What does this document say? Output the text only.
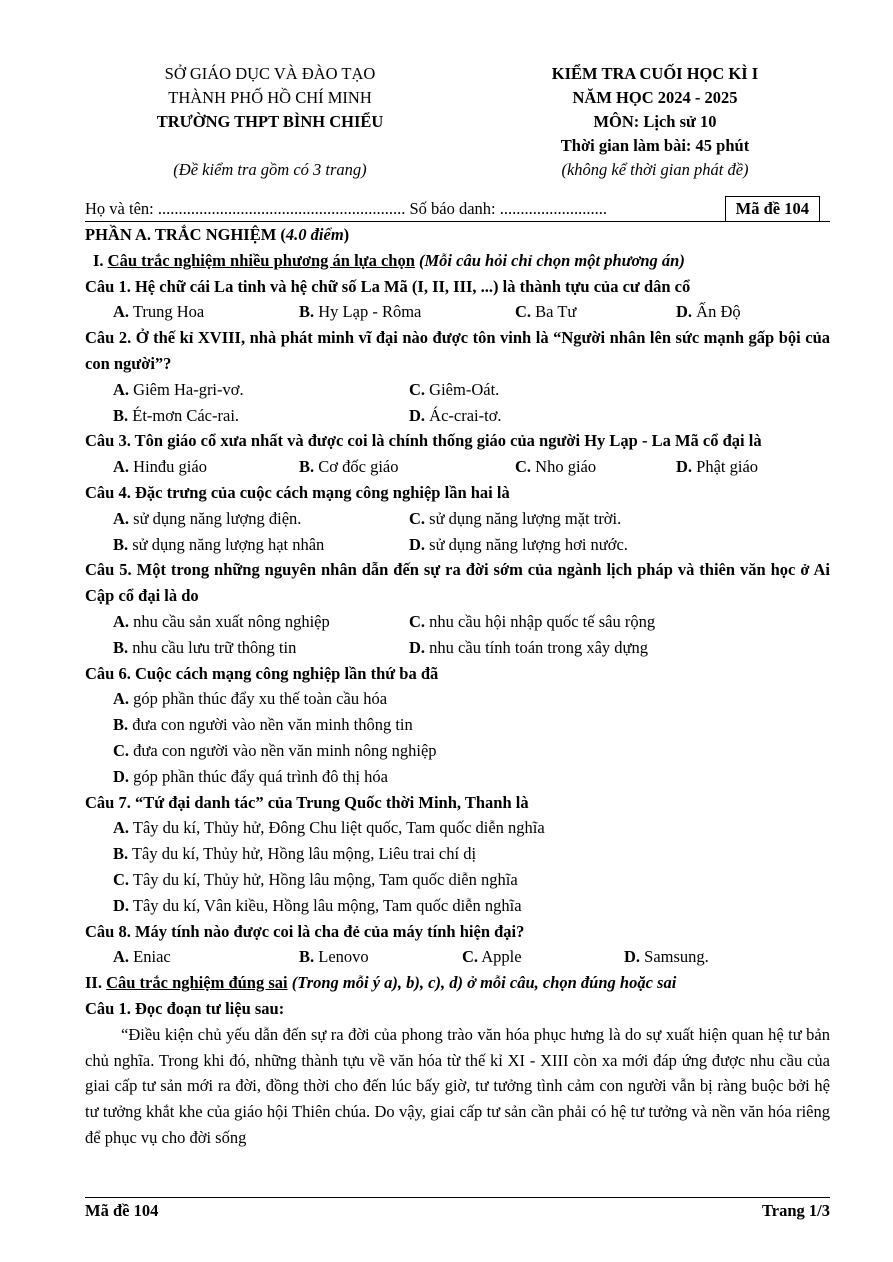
SỞ GIÁO DỤC VÀ ĐÀO TẠO
THÀNH PHỐ HỒ CHÍ MINH
TRƯỜNG THPT BÌNH CHIỂU
(Đề kiểm tra gồm có 3 trang)
KIỂM TRA CUỐI HỌC KÌ I
NĂM HỌC 2024 - 2025
MÔN: Lịch sử 10
Thời gian làm bài: 45 phút
(không kể thời gian phát đề)
Họ và tên: ............................................................ Số báo danh: ..........................	Mã đề 104
PHẦN A. TRẮC NGHIỆM (4.0 điểm)
I. Câu trắc nghiệm nhiều phương án lựa chọn (Mỗi câu hỏi chỉ chọn một phương án)
Câu 1. Hệ chữ cái La tinh và hệ chữ số La Mã (I, II, III, ...) là thành tựu của cư dân cổ
A. Trung Hoa	B. Hy Lạp - Rôma	C. Ba Tư	D. Ấn Độ
Câu 2. Ở thế kỉ XVIII, nhà phát minh vĩ đại nào được tôn vinh là “Người nhân lên sức mạnh gấp bội của con người”?
A. Giêm Ha-gri-vơ.	C. Giêm-Oát.
B. Ét-mơn Các-rai.	D. Ác-crai-tơ.
Câu 3. Tôn giáo cổ xưa nhất và được coi là chính thống giáo của người Hy Lạp - La Mã cổ đại là
A. Hinđu giáo	B. Cơ đốc giáo	C. Nho giáo	D. Phật giáo
Câu 4. Đặc trưng của cuộc cách mạng công nghiệp lần hai là
A. sử dụng năng lượng điện.	C. sử dụng năng lượng mặt trời.
B. sử dụng năng lượng hạt nhân	D. sử dụng năng lượng hơi nước.
Câu 5. Một trong những nguyên nhân dẫn đến sự ra đời sớm của ngành lịch pháp và thiên văn học ở Ai Cập cổ đại là do
A. nhu cầu sản xuất nông nghiệp	C. nhu cầu hội nhập quốc tế sâu rộng
B. nhu cầu lưu trữ thông tin	D. nhu cầu tính toán trong xây dựng
Câu 6. Cuộc cách mạng công nghiệp lần thứ ba đã
A. góp phần thúc đẩy xu thế toàn cầu hóa
B. đưa con người vào nền văn minh thông tin
C. đưa con người vào nền văn minh nông nghiệp
D. góp phần thúc đẩy quá trình đô thị hóa
Câu 7. “Tứ đại danh tác” của Trung Quốc thời Minh, Thanh là
A. Tây du kí, Thủy hử, Đông Chu liệt quốc, Tam quốc diễn nghĩa
B. Tây du kí, Thủy hử, Hồng lâu mộng, Liêu trai chí dị
C. Tây du kí, Thủy hử, Hồng lâu mộng, Tam quốc diễn nghĩa
D. Tây du kí, Vân kiều, Hồng lâu mộng, Tam quốc diễn nghĩa
Câu 8. Máy tính nào được coi là cha đẻ của máy tính hiện đại?
A. Eniac	B. Lenovo	C. Apple	D. Samsung.
II. Câu trắc nghiệm đúng sai (Trong mỗi ý a), b), c), d) ở mỗi câu, chọn đúng hoặc sai
Câu 1. Đọc đoạn tư liệu sau:
“Điều kiện chủ yếu dẫn đến sự ra đời của phong trào văn hóa phục hưng là do sự xuất hiện quan hệ tư bản chủ nghĩa. Trong khi đó, những thành tựu về văn hóa từ thế kỉ XI - XIII còn xa mới đáp ứng được nhu cầu của giai cấp tư sản mới ra đời, đồng thời cho đến lúc bấy giờ, tư tưởng tình cảm con người vẫn bị ràng buộc bởi hệ tư tưởng khắt khe của giáo hội Thiên chúa. Do vậy, giai cấp tư sản cần phải có hệ tư tưởng và nền văn hóa riêng để phục vụ cho đời sống
Mã đề 104	Trang 1/3
